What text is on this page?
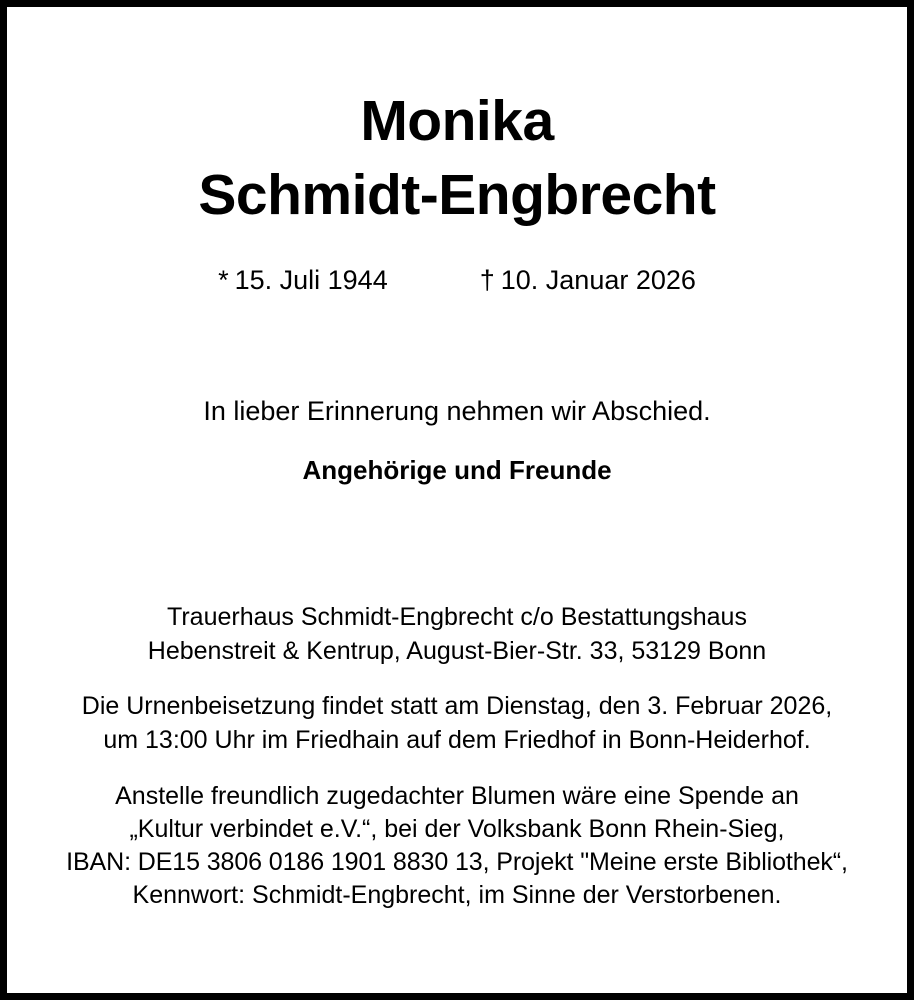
Monika
Schmidt-Engbrecht
* 15. Juli 1944	† 10. Januar 2026
In lieber Erinnerung nehmen wir Abschied.
Angehörige und Freunde
Trauerhaus Schmidt-Engbrecht c/o Bestattungshaus
Hebenstreit & Kentrup, August-Bier-Str. 33, 53129 Bonn
Die Urnenbeisetzung findet statt am Dienstag, den 3. Februar 2026,
um 13:00 Uhr im Friedhain auf dem Friedhof in Bonn-Heiderhof.
Anstelle freundlich zugedachter Blumen wäre eine Spende an
„Kultur verbindet e.V.“, bei der Volksbank Bonn Rhein-Sieg,
IBAN: DE15 3806 0186 1901 8830 13, Projekt "Meine erste Bibliothek“,
Kennwort: Schmidt-Engbrecht, im Sinne der Verstorbenen.
